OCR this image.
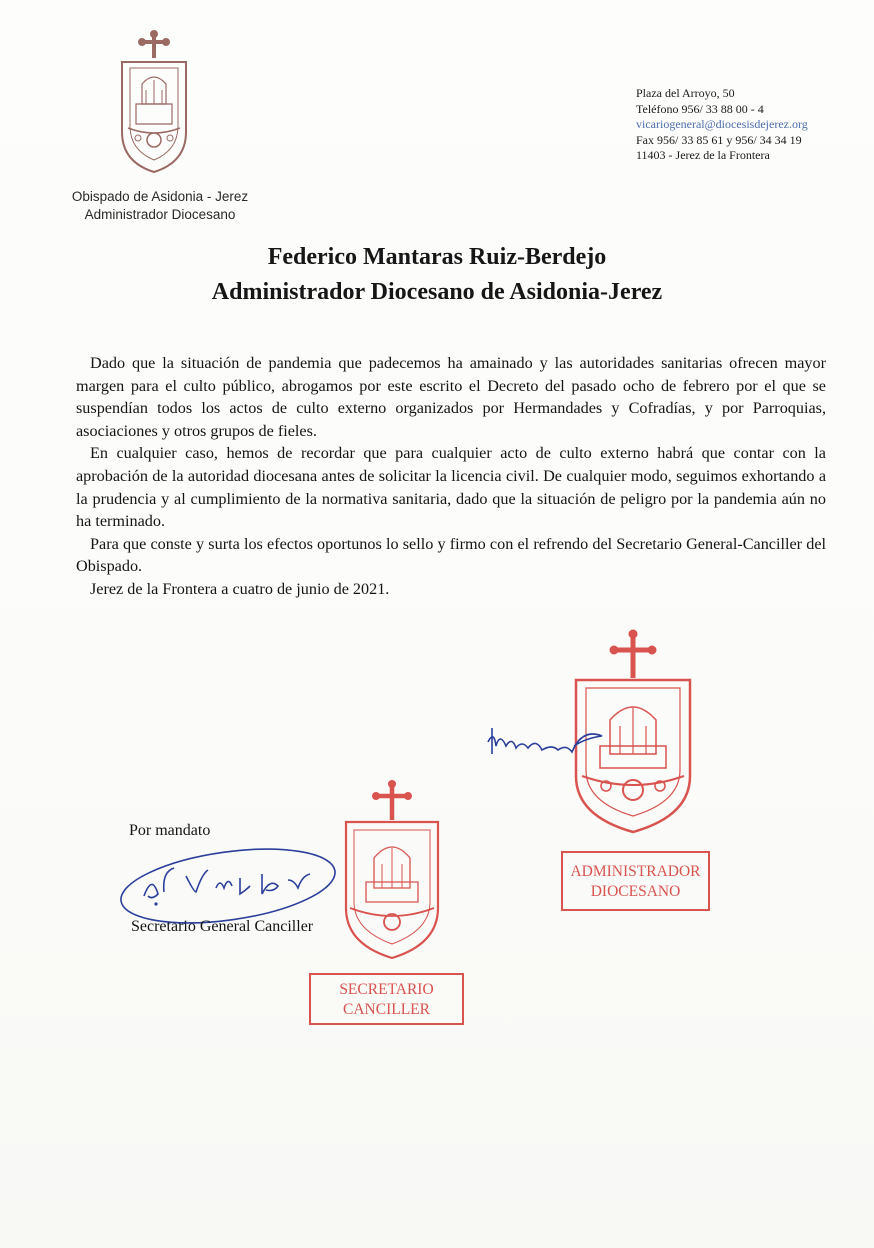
Obispado de Asidonia - Jerez
Administrador Diocesano
Plaza del Arroyo, 50
Teléfono 956/ 33 88 00 - 4
vicariogeneral@diocesisdejerez.org
Fax 956/ 33 85 61 y 956/ 34 34 19
11403 - Jerez de la Frontera
Federico Mantaras Ruiz-Berdejo
Administrador Diocesano de Asidonia-Jerez

Dado que la situación de pandemia que padecemos ha amainado y las autoridades sanitarias ofrecen mayor margen para el culto público, abrogamos por este escrito el Decreto del pasado ocho de febrero por el que se suspendían todos los actos de culto externo organizados por Hermandades y Cofradías, y por Parroquias, asociaciones y otros grupos de fieles.

En cualquier caso, hemos de recordar que para cualquier acto de culto externo habrá que contar con la aprobación de la autoridad diocesana antes de solicitar la licencia civil. De cualquier modo, seguimos exhortando a la prudencia y al cumplimiento de la normativa sanitaria, dado que la situación de peligro por la pandemia aún no ha terminado.

Para que conste y surta los efectos oportunos lo sello y firmo con el refrendo del Secretario General-Canciller del Obispado.

Jerez de la Frontera a cuatro de junio de 2021.

ADMINISTRADOR
DIOCESANO
Por mandato
SECRETARIO
CANCILLER
Secretario General Canciller
